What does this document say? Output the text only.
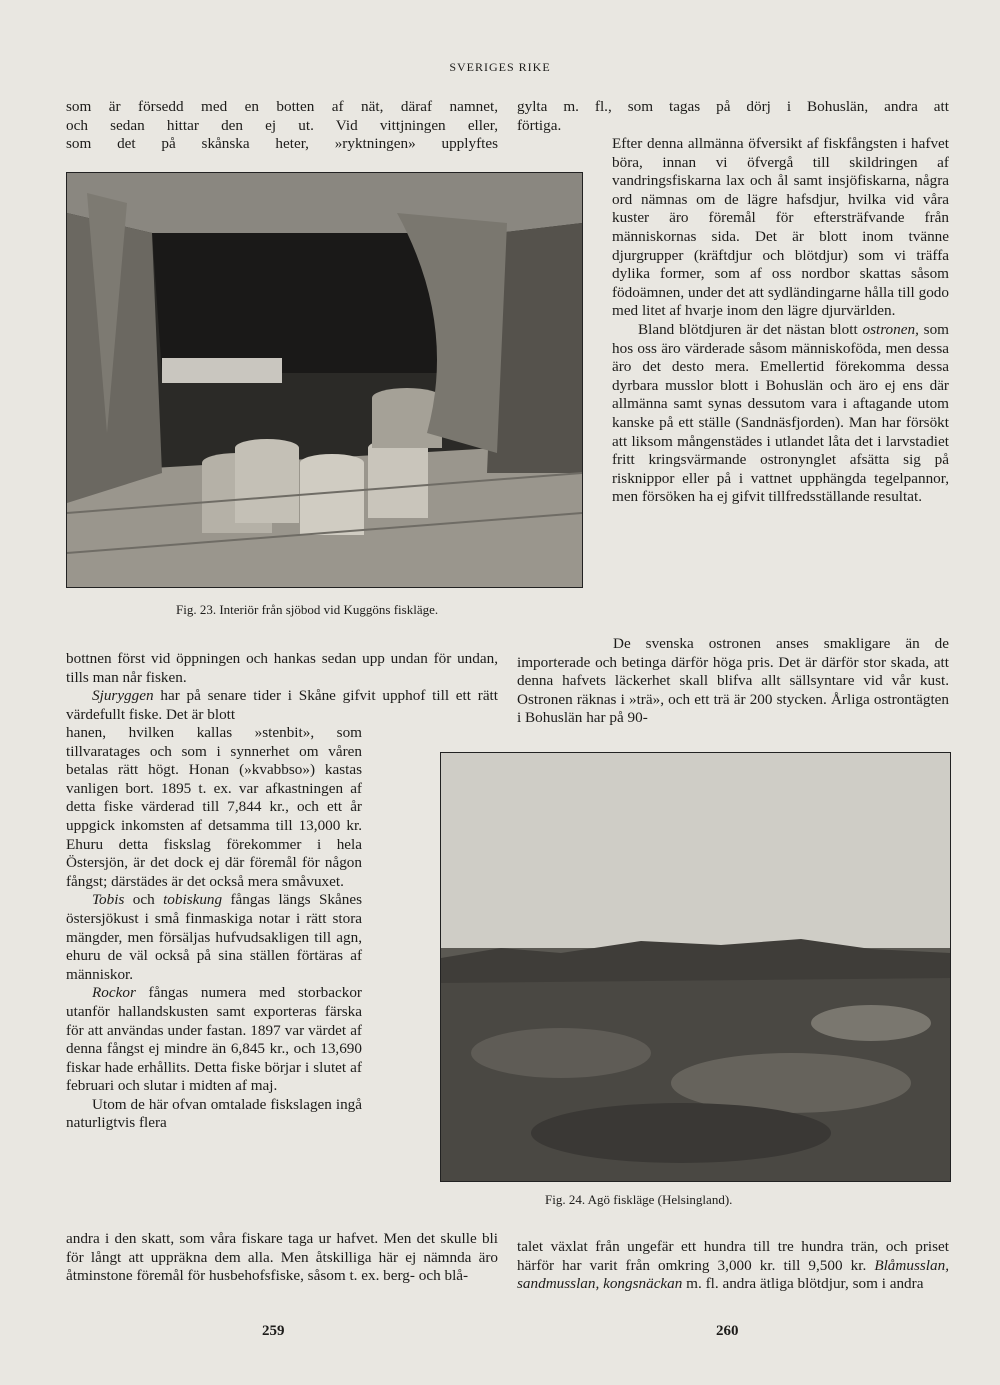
SVERIGES RIKE

som är försedd med en botten af nät, däraf namnet,

och sedan hittar den ej ut. Vid vittjningen eller,

som det på skånska heter, »ryktningen» upplyftes

Fig. 23. Interiör från sjöbod vid Kuggöns fiskläge.

bottnen först vid öppningen och hankas sedan upp undan för undan, tills man når fisken.

Sjuryggen har på senare tider i Skåne gifvit upphof till ett rätt värdefullt fiske. Det är blott

hanen, hvilken kallas »stenbit», som tillvaratages och som i synnerhet om våren betalas rätt högt. Honan (»kvabbso») kastas vanligen bort. 1895 t. ex. var afkastningen af detta fiske värderad till 7,844 kr., och ett år uppgick inkomsten af detsamma till 13,000 kr. Ehuru detta fiskslag förekommer i hela Östersjön, är det dock ej där föremål för någon fångst; därstädes är det också mera småvuxet.

Tobis och tobiskung fångas längs Skånes östersjökust i små finmaskiga notar i rätt stora mängder, men försäljas hufvudsakligen till agn, ehuru de väl också på sina ställen förtäras af människor.

Rockor fångas numera med storbackor utanför hallandskusten samt exporteras färska för att användas under fastan. 1897 var värdet af denna fångst ej mindre än 6,845 kr., och 13,690 fiskar hade erhållits. Detta fiske börjar i slutet af februari och slutar i midten af maj.

Utom de här ofvan omtalade fiskslagen ingå naturligtvis flera

andra i den skatt, som våra fiskare taga ur hafvet. Men det skulle bli för långt att uppräkna dem alla. Men åtskilliga här ej nämnda äro åtminstone föremål för husbehofsfiske, såsom t. ex. berg- och blå-

gylta m. fl., som tagas på dörj i Bohuslän, andra att

förtiga.

Efter denna allmänna öfversikt af fiskfångsten i hafvet böra, innan vi öfvergå till skildringen af vandringsfiskarna lax och ål samt insjöfiskarna, några ord nämnas om de lägre hafsdjur, hvilka vid våra kuster äro föremål för eftersträfvande från människornas sida. Det är blott inom tvänne djurgrupper (kräftdjur och blötdjur) som vi träffa dylika former, som af oss nordbor skattas såsom födoämnen, under det att sydländingarne hålla till godo med litet af hvarje inom den lägre djurvärlden.

Bland blötdjuren är det nästan blott ostronen, som hos oss äro värderade såsom människoföda, men dessa äro det desto mera. Emellertid förekomma dessa dyrbara musslor blott i Bohuslän och äro ej ens där allmänna samt synas dessutom vara i aftagande utom kanske på ett ställe (Sandnäsfjorden). Man har försökt att liksom mångenstädes i utlandet låta det i larvstadiet fritt kringsvärmande ostronynglet afsätta sig på risknippor eller på i vattnet upphängda tegelpannor, men försöken ha ej gifvit tillfredsställande resultat.

De svenska ostronen anses smakligare än de importerade och betinga därför höga pris. Det är därför stor skada, att denna hafvets läckerhet skall blifva allt sällsyntare vid vår kust. Ostronen räknas i »trä», och ett trä är 200 stycken. Årliga ostrontägten i Bohuslän har på 90-

Fig. 24. Agö fiskläge (Helsingland).

talet växlat från ungefär ett hundra till tre hundra trän, och priset härför har varit från omkring 3,000 kr. till 9,500 kr. Blåmusslan, sandmusslan, kongsnäckan m. fl. andra ätliga blötdjur, som i andra

259	260
